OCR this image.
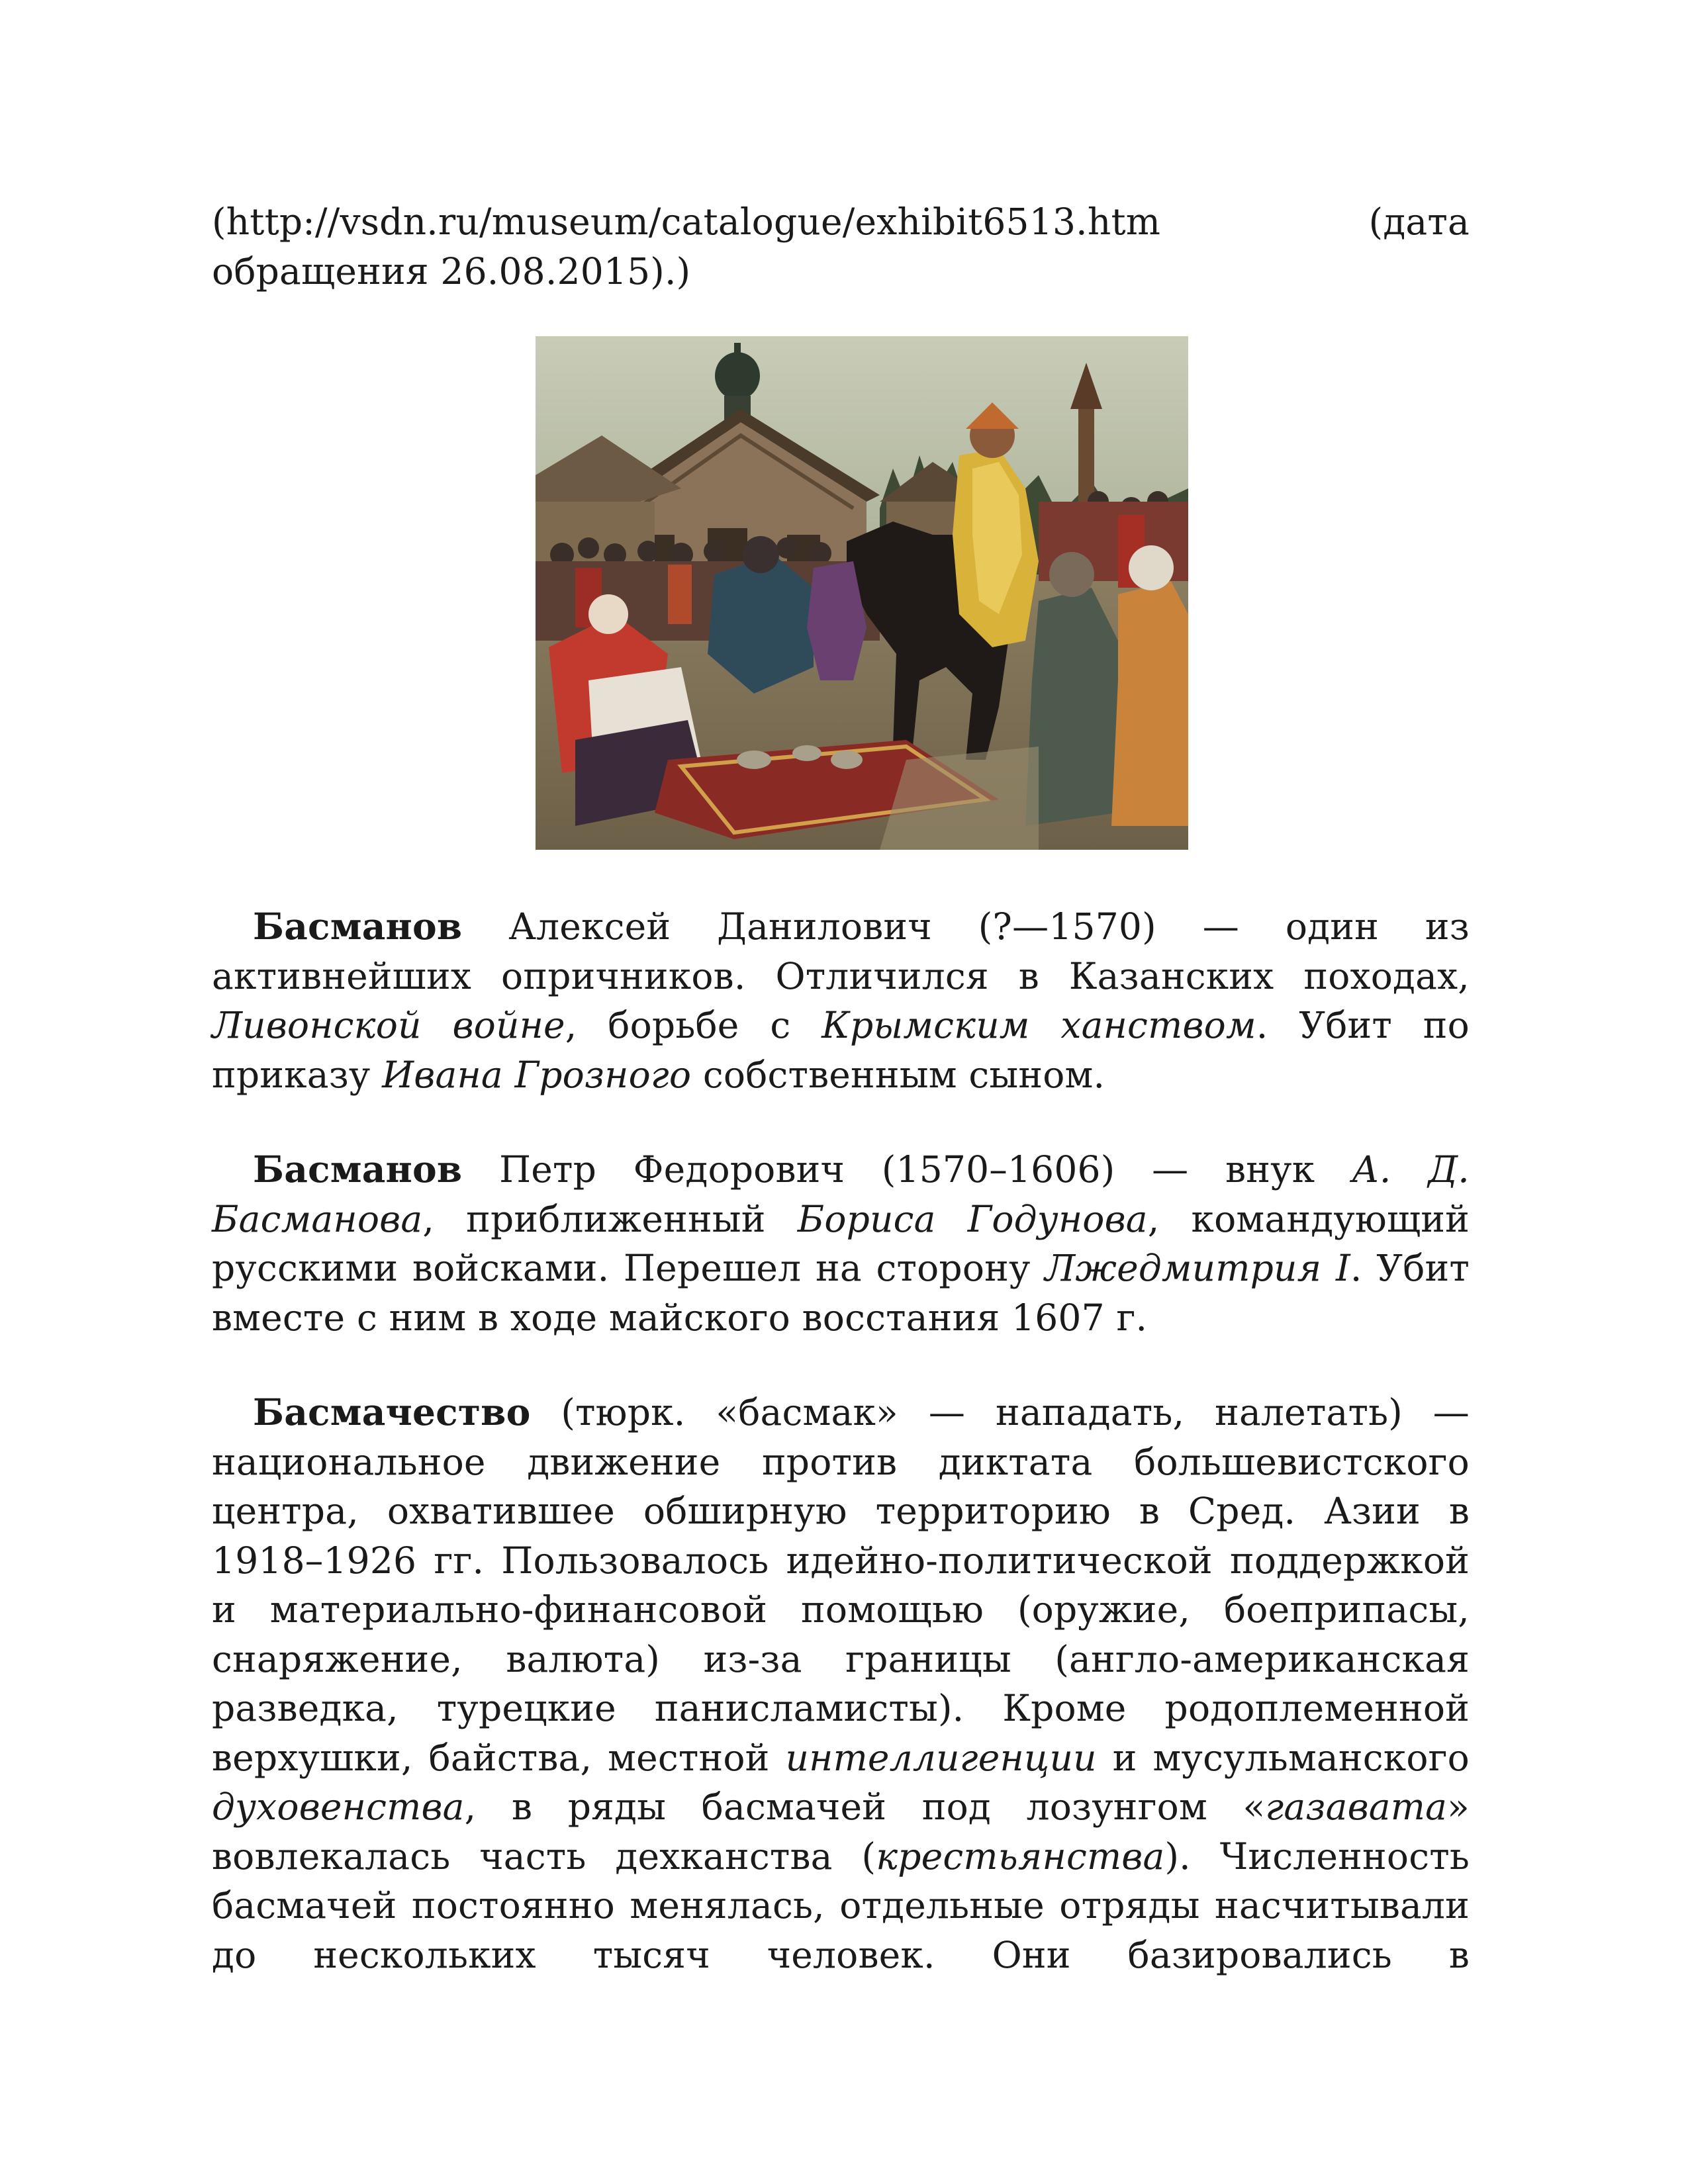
(http://vsdn.ru/museum/catalogue/exhibit6513.htm	(дата
обращения 26.08.2015).)

Басманов Алексей Данилович (?—1570) — один из активнейших опричников. Отличился в Казанских походах, Ливонской войне, борьбе с Крымским ханством. Убит по приказу Ивана Грозного собственным сыном.

Басманов Петр Федорович (1570–1606) — внук А. Д. Басманова, приближенный Бориса Годунова, командующий русскими войсками. Перешел на сторону Лжедмитрия I. Убит вместе с ним в ходе майского восстания 1607 г.

Басмачество (тюрк. «басмак» — нападать, налетать) — национальное движение против диктата большевистского центра, охватившее обширную территорию в Сред. Азии в 1918–1926 гг. Пользовалось идейно-политической поддержкой и материально-финансовой помощью (оружие, боеприпасы, снаряжение, валюта) из-за границы (англо-американская разведка, турецкие панисламисты). Кроме родоплеменной верхушки, байства, местной интеллигенции и мусульманского духовенства, в ряды басмачей под лозунгом «газавата» вовлекалась часть дехканства (крестьянства). Численность басмачей постоянно менялась, отдельные отряды насчитывали до нескольких тысяч человек. Они базировались в
